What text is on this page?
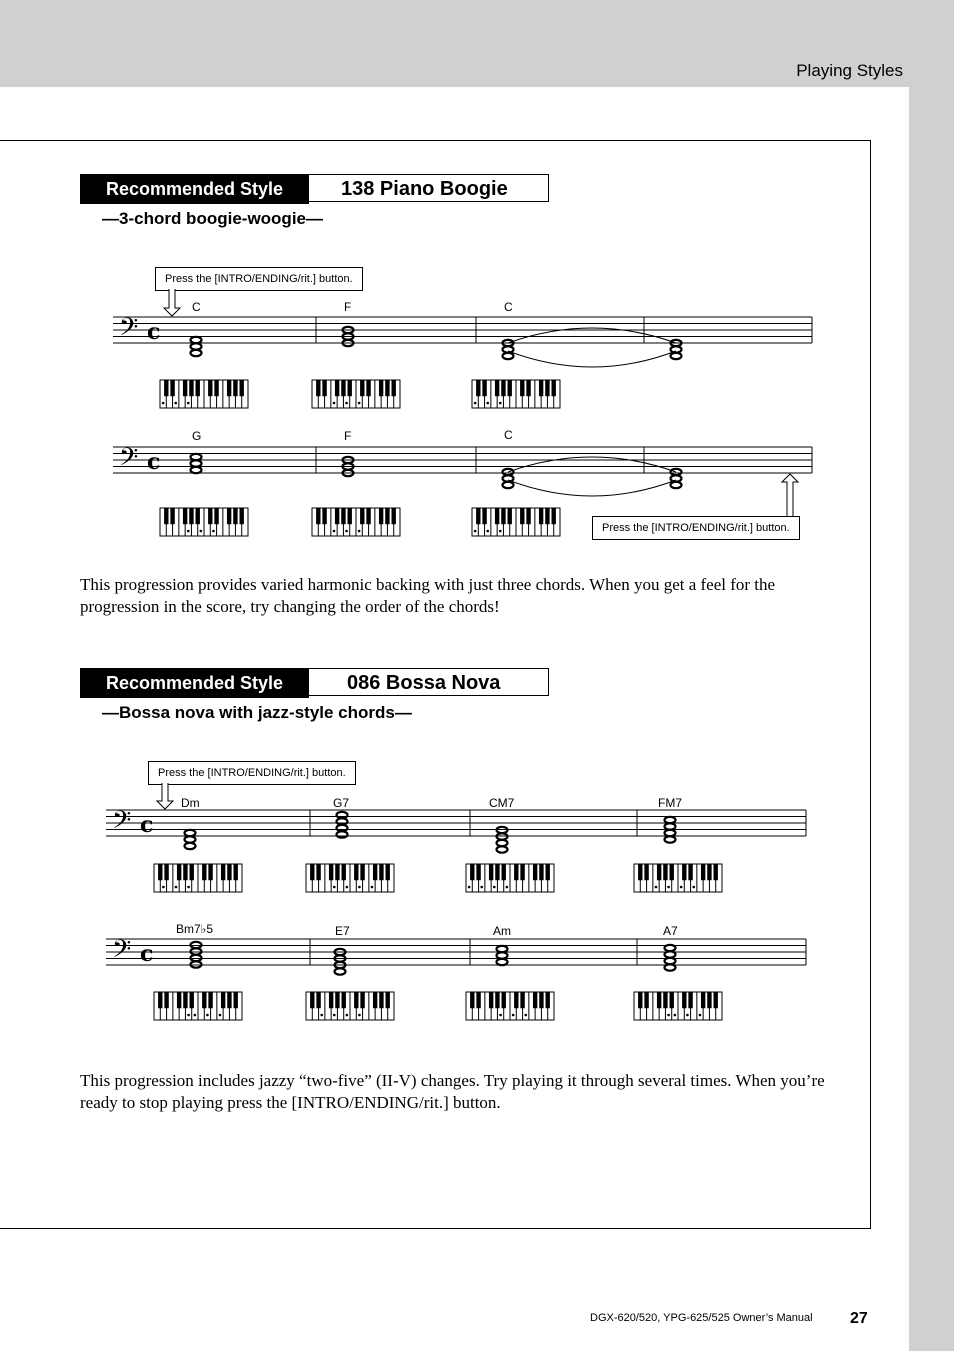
Playing Styles
Recommended Style	138 Piano Boogie
—3-chord boogie-woogie—
Press the [INTRO/ENDING/rit.] button.
Press the [INTRO/ENDING/rit.] button.
C	F	C
G	F	C
This progression provides varied harmonic backing with just three chords. When you get a feel for the progression in the score, try changing the order of the chords!
Recommended Style	086 Bossa Nova
—Bossa nova with jazz-style chords—
Press the [INTRO/ENDING/rit.] button.
Dm	G7	CM7	FM7
Bm7♭5	E7	Am	A7
This progression includes jazzy “two-five” (II-V) changes. Try playing it through several times. When you’re ready to stop playing press the [INTRO/ENDING/rit.] button.
DGX-620/520, YPG-625/525 Owner’s Manual 27
𝄢 c
𝄢 c
𝄢 c
𝄢 c
